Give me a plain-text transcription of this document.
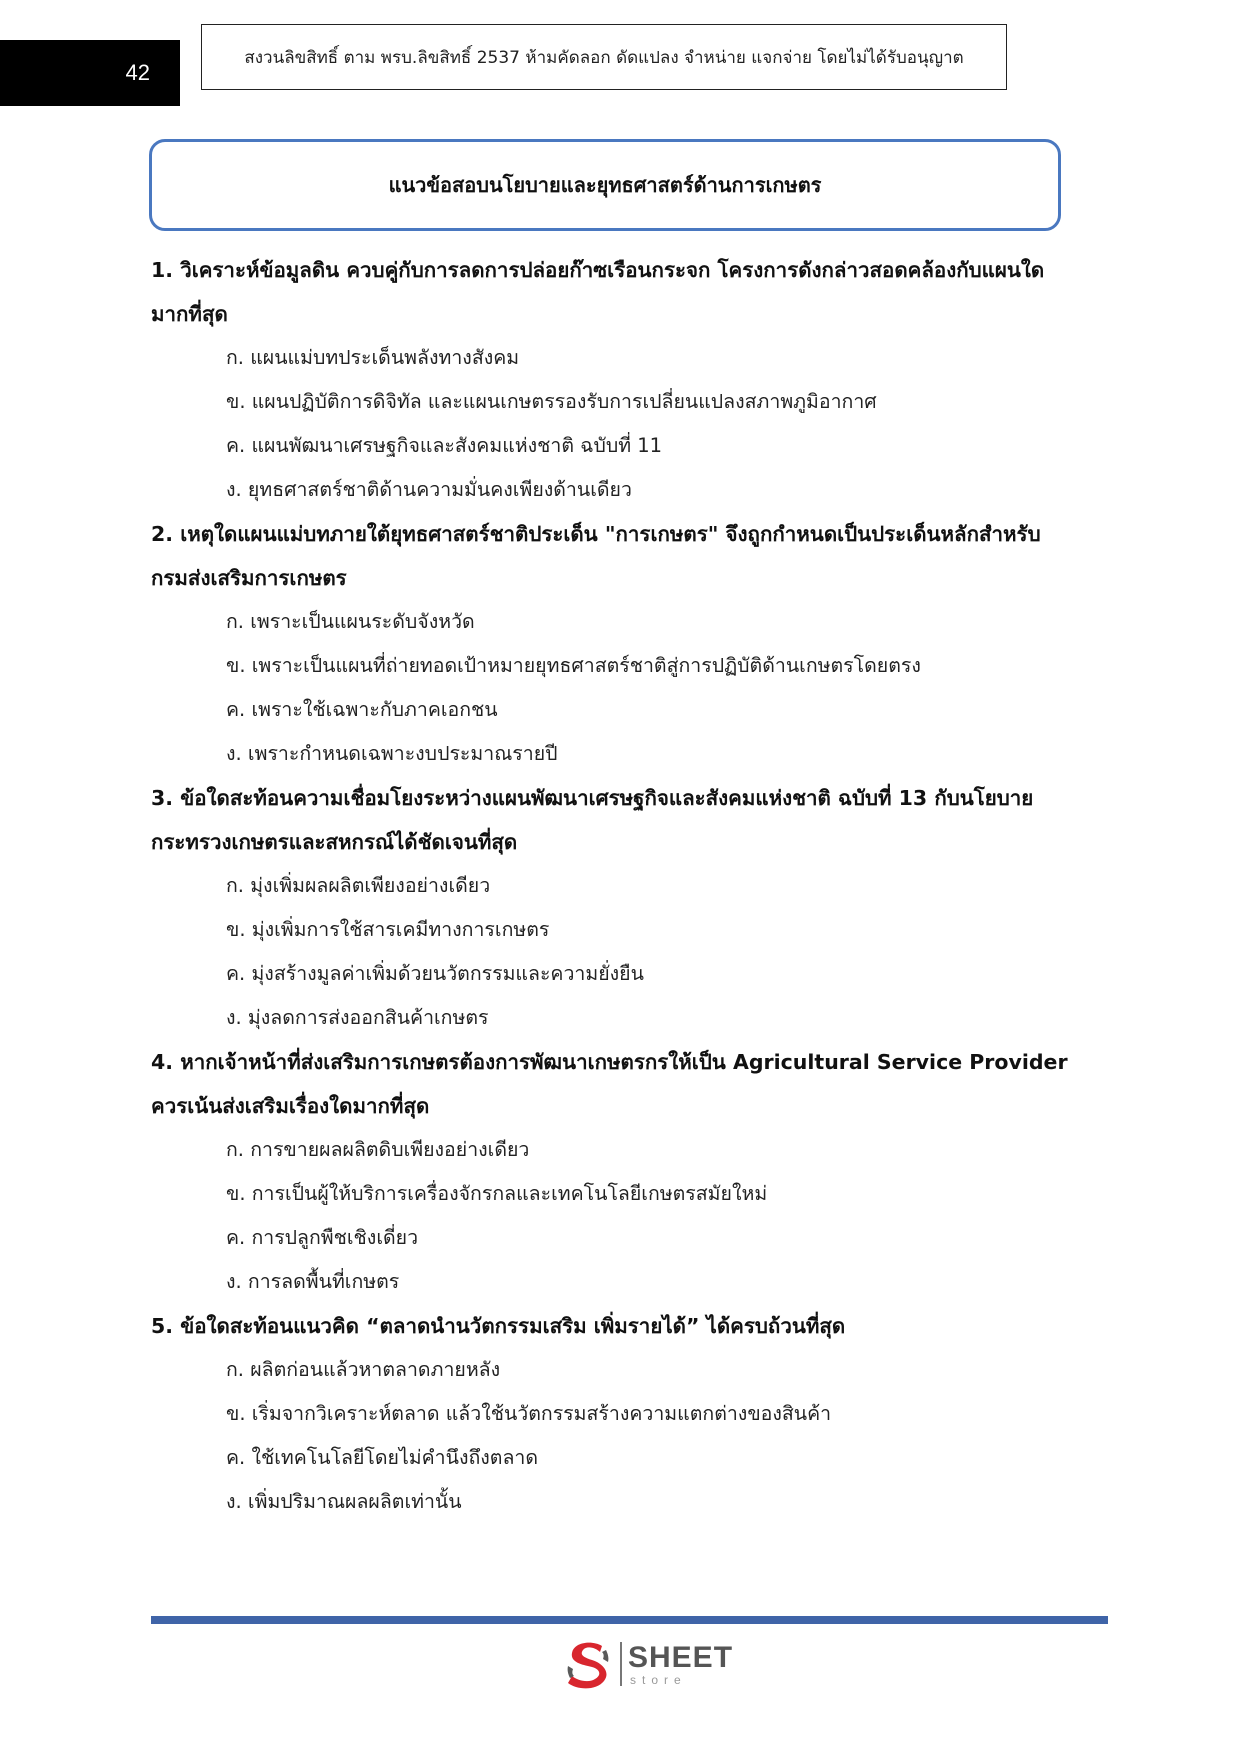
42
สงวนลิขสิทธิ์ ตาม พรบ.ลิขสิทธิ์ 2537 ห้ามคัดลอก ดัดแปลง จำหน่าย แจกจ่าย โดยไม่ได้รับอนุญาต
แนวข้อสอบนโยบายและยุทธศาสตร์ด้านการเกษตร

1. วิเคราะห์ข้อมูลดิน ควบคู่กับการลดการปล่อยก๊าซเรือนกระจก โครงการดังกล่าวสอดคล้องกับแผนใดมากที่สุด

ก. แผนแม่บทประเด็นพลังทางสังคม

ข. แผนปฏิบัติการดิจิทัล และแผนเกษตรรองรับการเปลี่ยนแปลงสภาพภูมิอากาศ

ค. แผนพัฒนาเศรษฐกิจและสังคมแห่งชาติ ฉบับที่ 11

ง. ยุทธศาสตร์ชาติด้านความมั่นคงเพียงด้านเดียว

2. เหตุใดแผนแม่บทภายใต้ยุทธศาสตร์ชาติประเด็น "การเกษตร" จึงถูกกำหนดเป็นประเด็นหลักสำหรับกรมส่งเสริมการเกษตร

ก. เพราะเป็นแผนระดับจังหวัด

ข. เพราะเป็นแผนที่ถ่ายทอดเป้าหมายยุทธศาสตร์ชาติสู่การปฏิบัติด้านเกษตรโดยตรง

ค. เพราะใช้เฉพาะกับภาคเอกชน

ง. เพราะกำหนดเฉพาะงบประมาณรายปี

3. ข้อใดสะท้อนความเชื่อมโยงระหว่างแผนพัฒนาเศรษฐกิจและสังคมแห่งชาติ ฉบับที่ 13 กับนโยบายกระทรวงเกษตรและสหกรณ์ได้ชัดเจนที่สุด

ก. มุ่งเพิ่มผลผลิตเพียงอย่างเดียว

ข. มุ่งเพิ่มการใช้สารเคมีทางการเกษตร

ค. มุ่งสร้างมูลค่าเพิ่มด้วยนวัตกรรมและความยั่งยืน

ง. มุ่งลดการส่งออกสินค้าเกษตร

4. หากเจ้าหน้าที่ส่งเสริมการเกษตรต้องการพัฒนาเกษตรกรให้เป็น Agricultural Service Provider ควรเน้นส่งเสริมเรื่องใดมากที่สุด

ก. การขายผลผลิตดิบเพียงอย่างเดียว

ข. การเป็นผู้ให้บริการเครื่องจักรกลและเทคโนโลยีเกษตรสมัยใหม่

ค. การปลูกพืชเชิงเดี่ยว

ง. การลดพื้นที่เกษตร

5. ข้อใดสะท้อนแนวคิด “ตลาดนำนวัตกรรมเสริม เพิ่มรายได้” ได้ครบถ้วนที่สุด

ก. ผลิตก่อนแล้วหาตลาดภายหลัง

ข. เริ่มจากวิเคราะห์ตลาด แล้วใช้นวัตกรรมสร้างความแตกต่างของสินค้า

ค. ใช้เทคโนโลยีโดยไม่คำนึงถึงตลาด

ง. เพิ่มปริมาณผลผลิตเท่านั้น

SHEET
store
